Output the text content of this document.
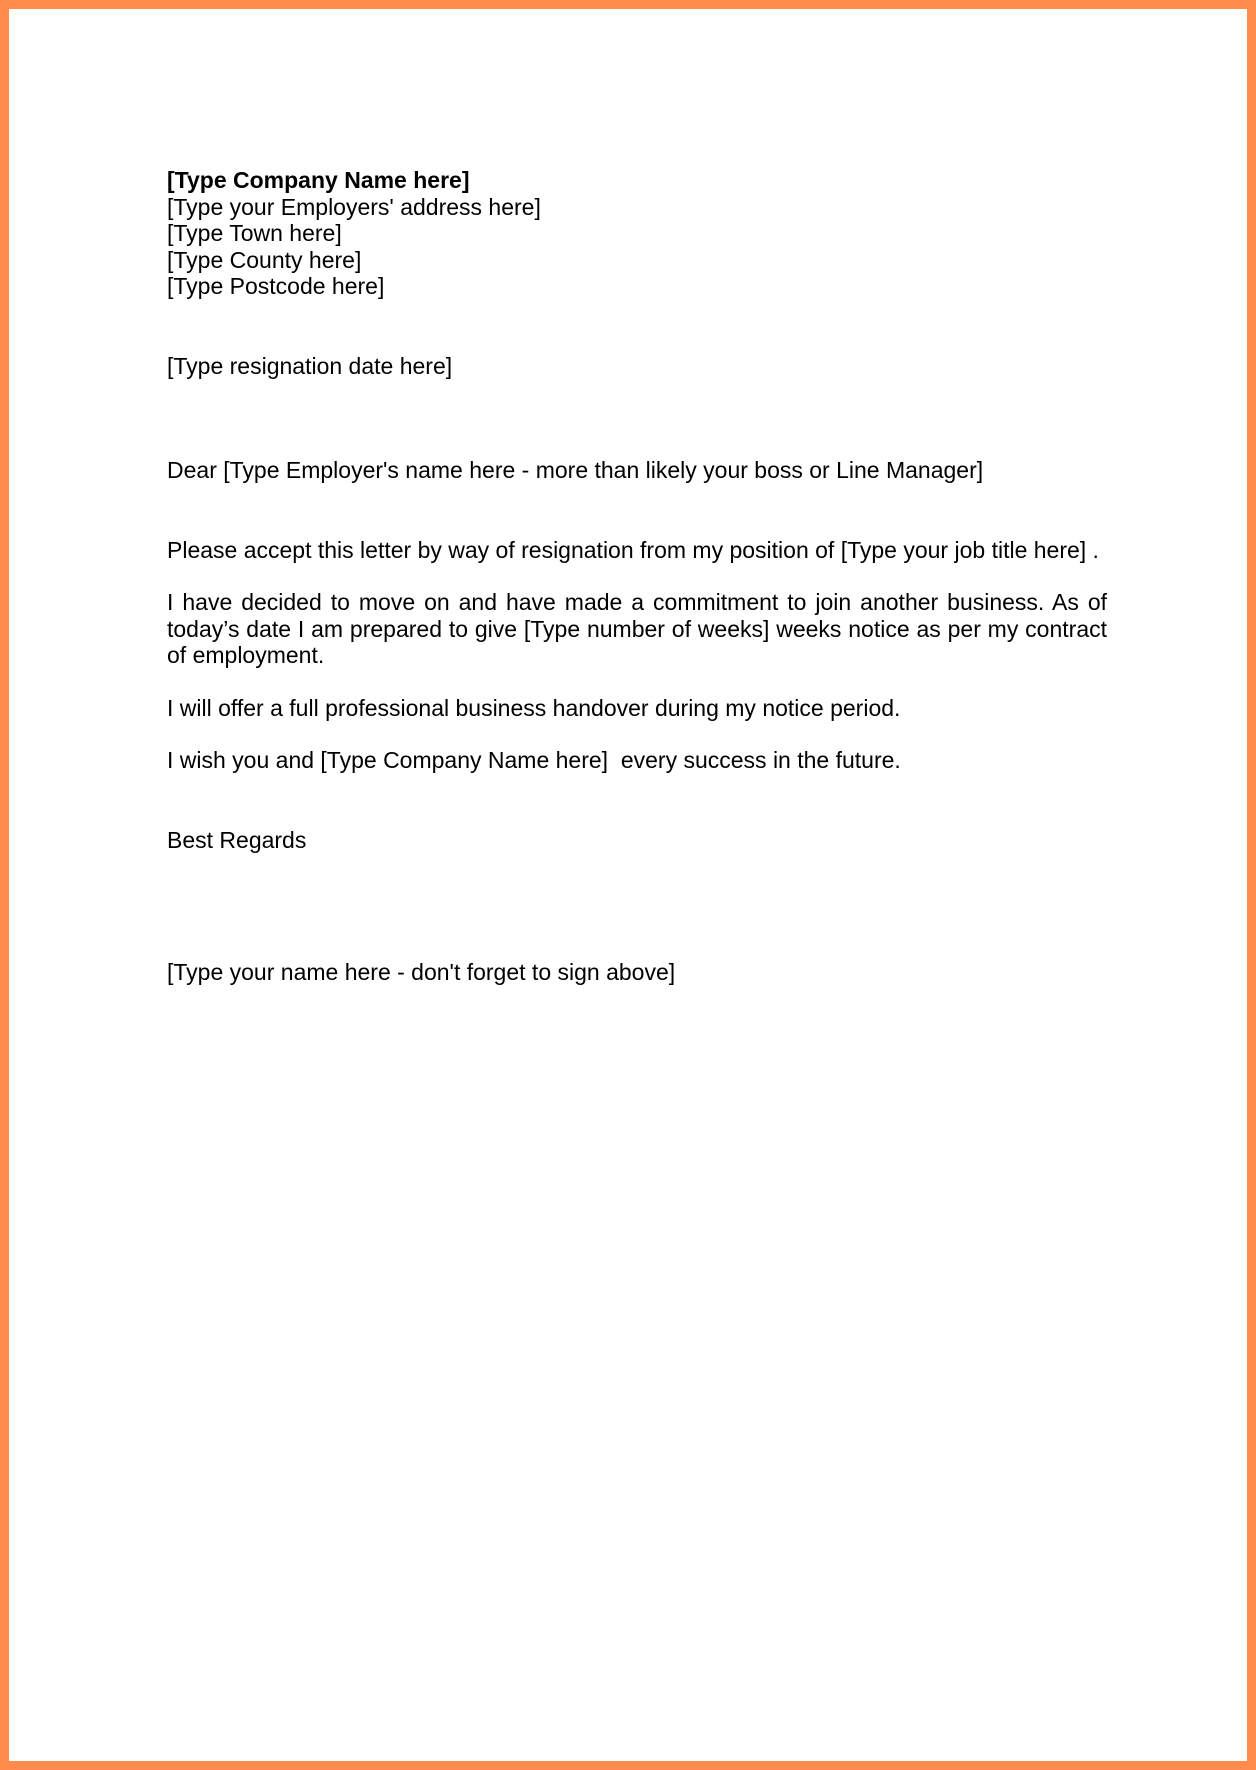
[Type Company Name here]
[Type your Employers' address here]
[Type Town here]
[Type County here]
[Type Postcode here]
[Type resignation date here]
Dear [Type Employer's name here - more than likely your boss or Line Manager]
Please accept this letter by way of resignation from my position of [Type your job title here] .
I have decided to move on and have made a commitment to join another business. As of today’s date I am prepared to give [Type number of weeks] weeks notice as per my contract of employment.
I will offer a full professional business handover during my notice period.
I wish you and [Type Company Name here]  every success in the future.
Best Regards
[Type your name here - don't forget to sign above]
